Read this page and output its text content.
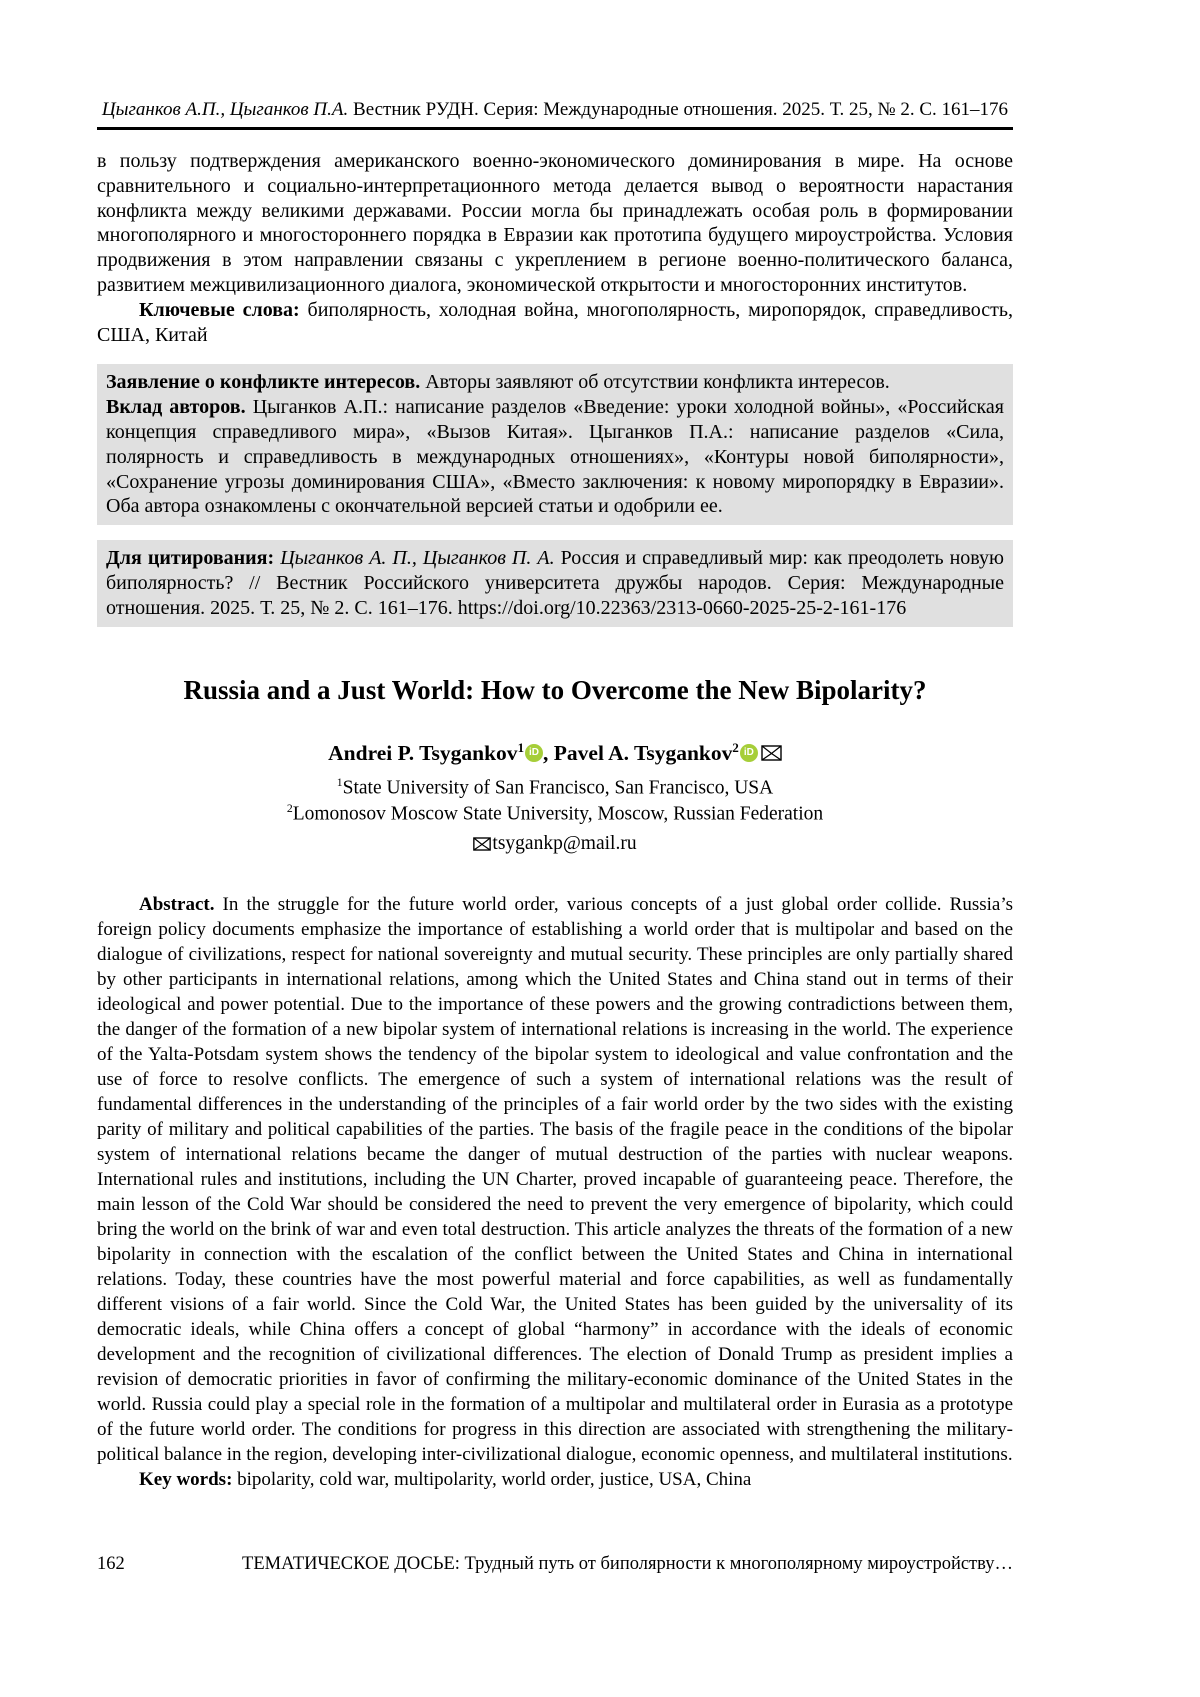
Цыганков А.П., Цыганков П.А. Вестник РУДН. Серия: Международные отношения. 2025. Т. 25, № 2. С. 161–176

в пользу подтверждения американского военно-экономического доминирования в мире. На основе сравнительного и социально-интерпретационного метода делается вывод о вероятности нарастания конфликта между великими державами. России могла бы принадлежать особая роль в формировании многополярного и многостороннего порядка в Евразии как прототипа будущего мироустройства. Условия продвижения в этом направлении связаны с укреплением в регионе военно-политического баланса, развитием межцивилизационного диалога, экономической открытости и многосторонних институтов.

Ключевые слова: биполярность, холодная война, многополярность, миропорядок, справедливость, США, Китай

Заявление о конфликте интересов. Авторы заявляют об отсутствии конфликта интересов.

Вклад авторов. Цыганков А.П.: написание разделов «Введение: уроки холодной войны», «Российская концепция справедливого мира», «Вызов Китая». Цыганков П.А.: написание разделов «Сила, полярность и справедливость в международных отношениях», «Контуры новой биполярности», «Сохранение угрозы доминирования США», «Вместо заключения: к новому миропорядку в Евразии». Оба автора ознакомлены с окончательной версией статьи и одобрили ее.

Для цитирования: Цыганков А. П., Цыганков П. А. Россия и справедливый мир: как преодолеть новую биполярность? // Вестник Российского университета дружбы народов. Серия: Международные отношения. 2025. Т. 25, № 2. С. 161–176. https://doi.org/10.22363/2313-0660-2025-25-2-161-176

Russia and a Just World: How to Overcome the New Bipolarity?
Andrei P. Tsygankov$^1$ iD , Pavel A. Tsygankov$^2$ iD
$^1$State University of San Francisco, San Francisco, USA
$^2$Lomonosov Moscow State University, Moscow, Russian Federation
tsygankp@mail.ru

Abstract. In the struggle for the future world order, various concepts of a just global order collide. Russia’s foreign policy documents emphasize the importance of establishing a world order that is multipolar and based on the dialogue of civilizations, respect for national sovereignty and mutual security. These principles are only partially shared by other participants in international relations, among which the United States and China stand out in terms of their ideological and power potential. Due to the importance of these powers and the growing contradictions between them, the danger of the formation of a new bipolar system of international relations is increasing in the world. The experience of the Yalta-Potsdam system shows the tendency of the bipolar system to ideological and value confrontation and the use of force to resolve conflicts. The emergence of such a system of international relations was the result of fundamental differences in the understanding of the principles of a fair world order by the two sides with the existing parity of military and political capabilities of the parties. The basis of the fragile peace in the conditions of the bipolar system of international relations became the danger of mutual destruction of the parties with nuclear weapons. International rules and institutions, including the UN Charter, proved incapable of guaranteeing peace. Therefore, the main lesson of the Cold War should be considered the need to prevent the very emergence of bipolarity, which could bring the world on the brink of war and even total destruction. This article analyzes the threats of the formation of a new bipolarity in connection with the escalation of the conflict between the United States and China in international relations. Today, these countries have the most powerful material and force capabilities, as well as fundamentally different visions of a fair world. Since the Cold War, the United States has been guided by the universality of its democratic ideals, while China offers a concept of global “harmony” in accordance with the ideals of economic development and the recognition of civilizational differences. The election of Donald Trump as president implies a revision of democratic priorities in favor of confirming the military-economic dominance of the United States in the world. Russia could play a special role in the formation of a multipolar and multilateral order in Eurasia as a prototype of the future world order. The conditions for progress in this direction are associated with strengthening the military-political balance in the region, developing inter-civilizational dialogue, economic openness, and multilateral institutions.

Key words: bipolarity, cold war, multipolarity, world order, justice, USA, China

162	ТЕМАТИЧЕСКОЕ ДОСЬЕ: Трудный путь от биполярности к многополярному мироустройству…
